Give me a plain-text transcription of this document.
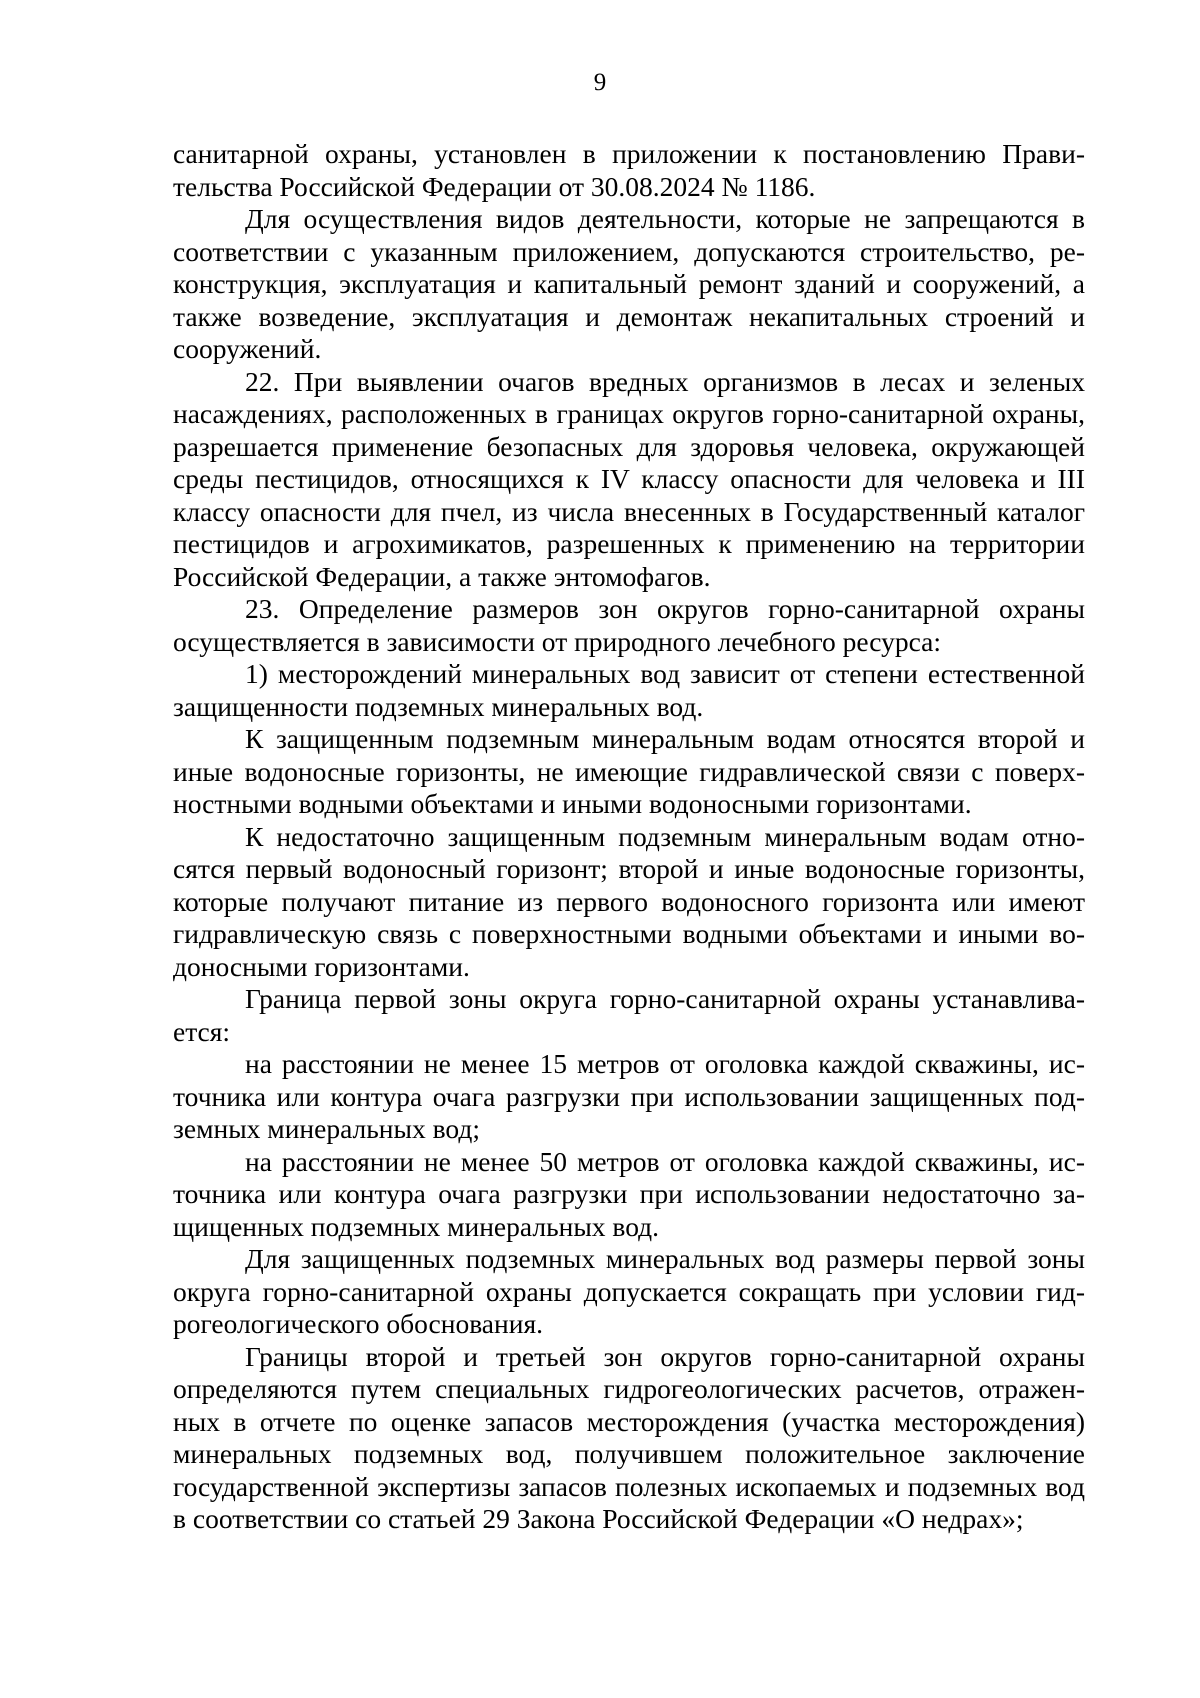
9

санитарной охраны, установлен в приложении к постановлению Правительства Российской Федерации от 30.08.2024 № 1186.

Для осуществления видов деятельности, которые не запрещаются в соответствии с указанным приложением, допускаются строительство, реконструкция, эксплуатация и капитальный ремонт зданий и сооружений, а также возведение, эксплуатация и демонтаж некапитальных строений и сооружений.

22. При выявлении очагов вредных организмов в лесах и зеленых насаждениях, расположенных в границах округов горно-санитарной охраны, разрешается применение безопасных для здоровья человека, окружающей среды пестицидов, относящихся к IV классу опасности для человека и III классу опасности для пчел, из числа внесенных в Государственный каталог пестицидов и агрохимикатов, разрешенных к применению на территории Российской Федерации, а также энтомофагов.

23. Определение размеров зон округов горно-санитарной охраны осуществляется в зависимости от природного лечебного ресурса:

1) месторождений минеральных вод зависит от степени естественной защищенности подземных минеральных вод.

К защищенным подземным минеральным водам относятся второй и иные водоносные горизонты, не имеющие гидравлической связи с поверхностными водными объектами и иными водоносными горизонтами.

К недостаточно защищенным подземным минеральным водам относятся первый водоносный горизонт; второй и иные водоносные горизонты, которые получают питание из первого водоносного горизонта или имеют гидравлическую связь с поверхностными водными объектами и иными водоносными горизонтами.

Граница первой зоны округа горно-санитарной охраны устанавливается:

на расстоянии не менее 15 метров от оголовка каждой скважины, источника или контура очага разгрузки при использовании защищенных подземных минеральных вод;

на расстоянии не менее 50 метров от оголовка каждой скважины, источника или контура очага разгрузки при использовании недостаточно защищенных подземных минеральных вод.

Для защищенных подземных минеральных вод размеры первой зоны округа горно-санитарной охраны допускается сокращать при условии гидрогеологического обоснования.

Границы второй и третьей зон округов горно-санитарной охраны определяются путем специальных гидрогеологических расчетов, отраженных в отчете по оценке запасов месторождения (участка месторождения) минеральных подземных вод, получившем положительное заключение государственной экспертизы запасов полезных ископаемых и подземных вод в соответствии со статьей 29 Закона Российской Федерации «О недрах»;
